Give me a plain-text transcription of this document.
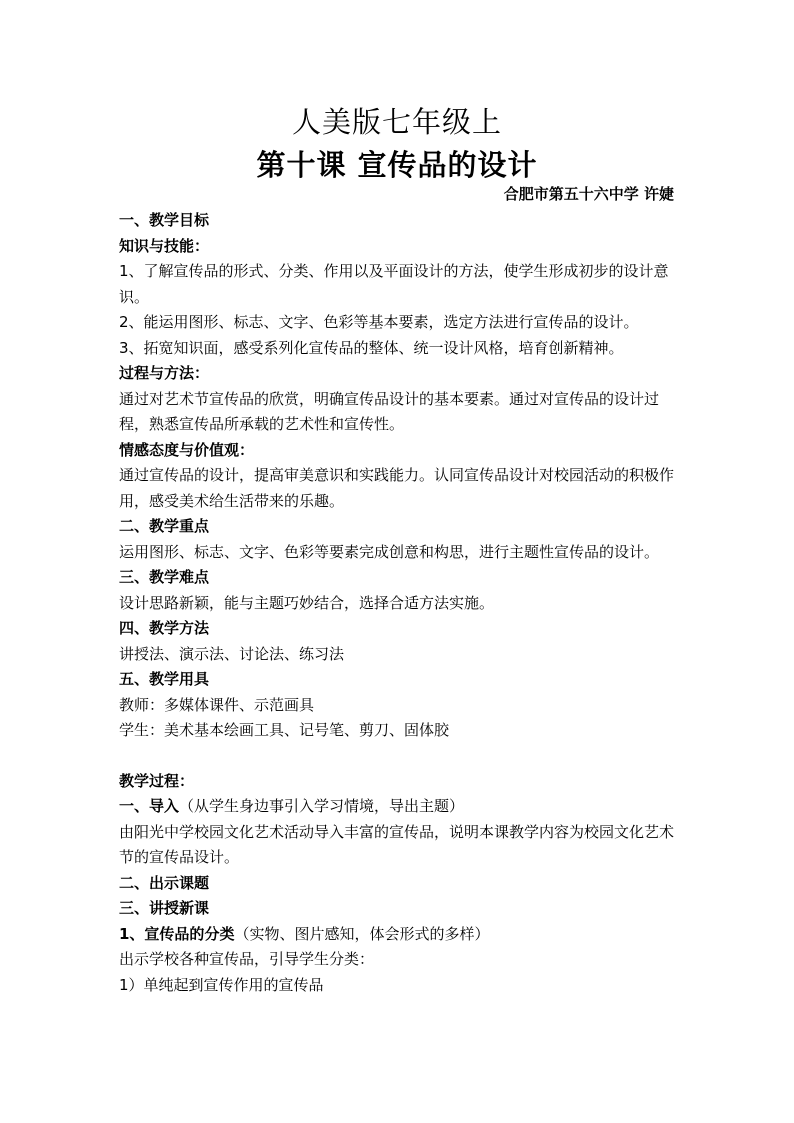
人美版七年级上
第十课 宣传品的设计
合肥市第五十六中学 许婕

一、教学目标

知识与技能：

1、了解宣传品的形式、分类、作用以及平面设计的方法，使学生形成初步的设计意识。

2、能运用图形、标志、文字、色彩等基本要素，选定方法进行宣传品的设计。

3、拓宽知识面，感受系列化宣传品的整体、统一设计风格，培育创新精神。

过程与方法：

通过对艺术节宣传品的欣赏，明确宣传品设计的基本要素。通过对宣传品的设计过程，熟悉宣传品所承载的艺术性和宣传性。

情感态度与价值观：

通过宣传品的设计，提高审美意识和实践能力。认同宣传品设计对校园活动的积极作用，感受美术给生活带来的乐趣。

二、教学重点

运用图形、标志、文字、色彩等要素完成创意和构思，进行主题性宣传品的设计。

三、教学难点

设计思路新颖，能与主题巧妙结合，选择合适方法实施。

四、教学方法

讲授法、演示法、讨论法、练习法

五、教学用具

教师：多媒体课件、示范画具

学生：美术基本绘画工具、记号笔、剪刀、固体胶

教学过程：

一、导入（从学生身边事引入学习情境，导出主题）

由阳光中学校园文化艺术活动导入丰富的宣传品，说明本课教学内容为校园文化艺术节的宣传品设计。

二、出示课题

三、讲授新课

1、宣传品的分类（实物、图片感知，体会形式的多样）

出示学校各种宣传品，引导学生分类：

1）单纯起到宣传作用的宣传品
